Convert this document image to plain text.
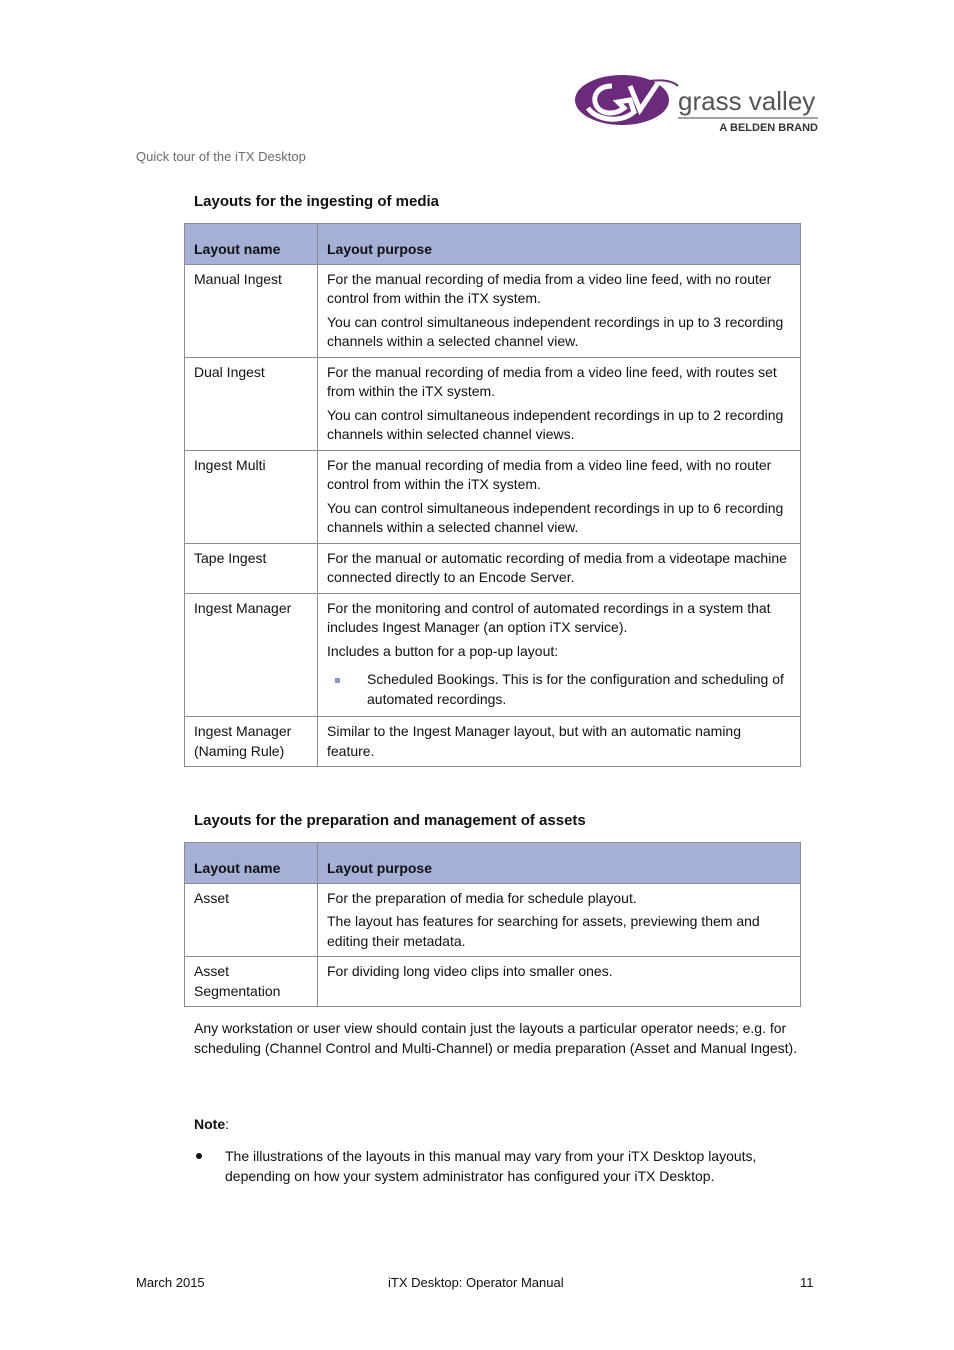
grass valley
A BELDEN BRAND
Quick tour of the iTX Desktop
Layouts for the ingesting of media
Layout name	Layout purpose
Manual Ingest	For the manual recording of media from a video line feed, with no router control from within the iTX system.

You can control simultaneous independent recordings in up to 3 recording channels within a selected channel view.

Dual Ingest	For the manual recording of media from a video line feed, with routes set from within the iTX system.

You can control simultaneous independent recordings in up to 2 recording channels within selected channel views.

Ingest Multi	For the manual recording of media from a video line feed, with no router control from within the iTX system.

You can control simultaneous independent recordings in up to 6 recording channels within a selected channel view.

Tape Ingest	For the manual or automatic recording of media from a videotape machine connected directly to an Encode Server.

Ingest Manager	For the monitoring and control of automated recordings in a system that includes Ingest Manager (an option iTX service).

Includes a button for a pop-up layout:

Scheduled Bookings. This is for the configuration and scheduling of automated recordings.

Ingest Manager (Naming Rule)	Similar to the Ingest Manager layout, but with an automatic naming feature.

Layouts for the preparation and management of assets
Layout name	Layout purpose
Asset	For the preparation of media for schedule playout.

The layout has features for searching for assets, previewing them and editing their metadata.

Asset Segmentation	For dividing long video clips into smaller ones.

Any workstation or user view should contain just the layouts a particular operator needs; e.g. for scheduling (Channel Control and Multi-Channel) or media preparation (Asset and Manual Ingest).
Note:
The illustrations of the layouts in this manual may vary from your iTX Desktop layouts, depending on how your system administrator has configured your iTX Desktop.
March 2015	iTX Desktop: Operator Manual	11
